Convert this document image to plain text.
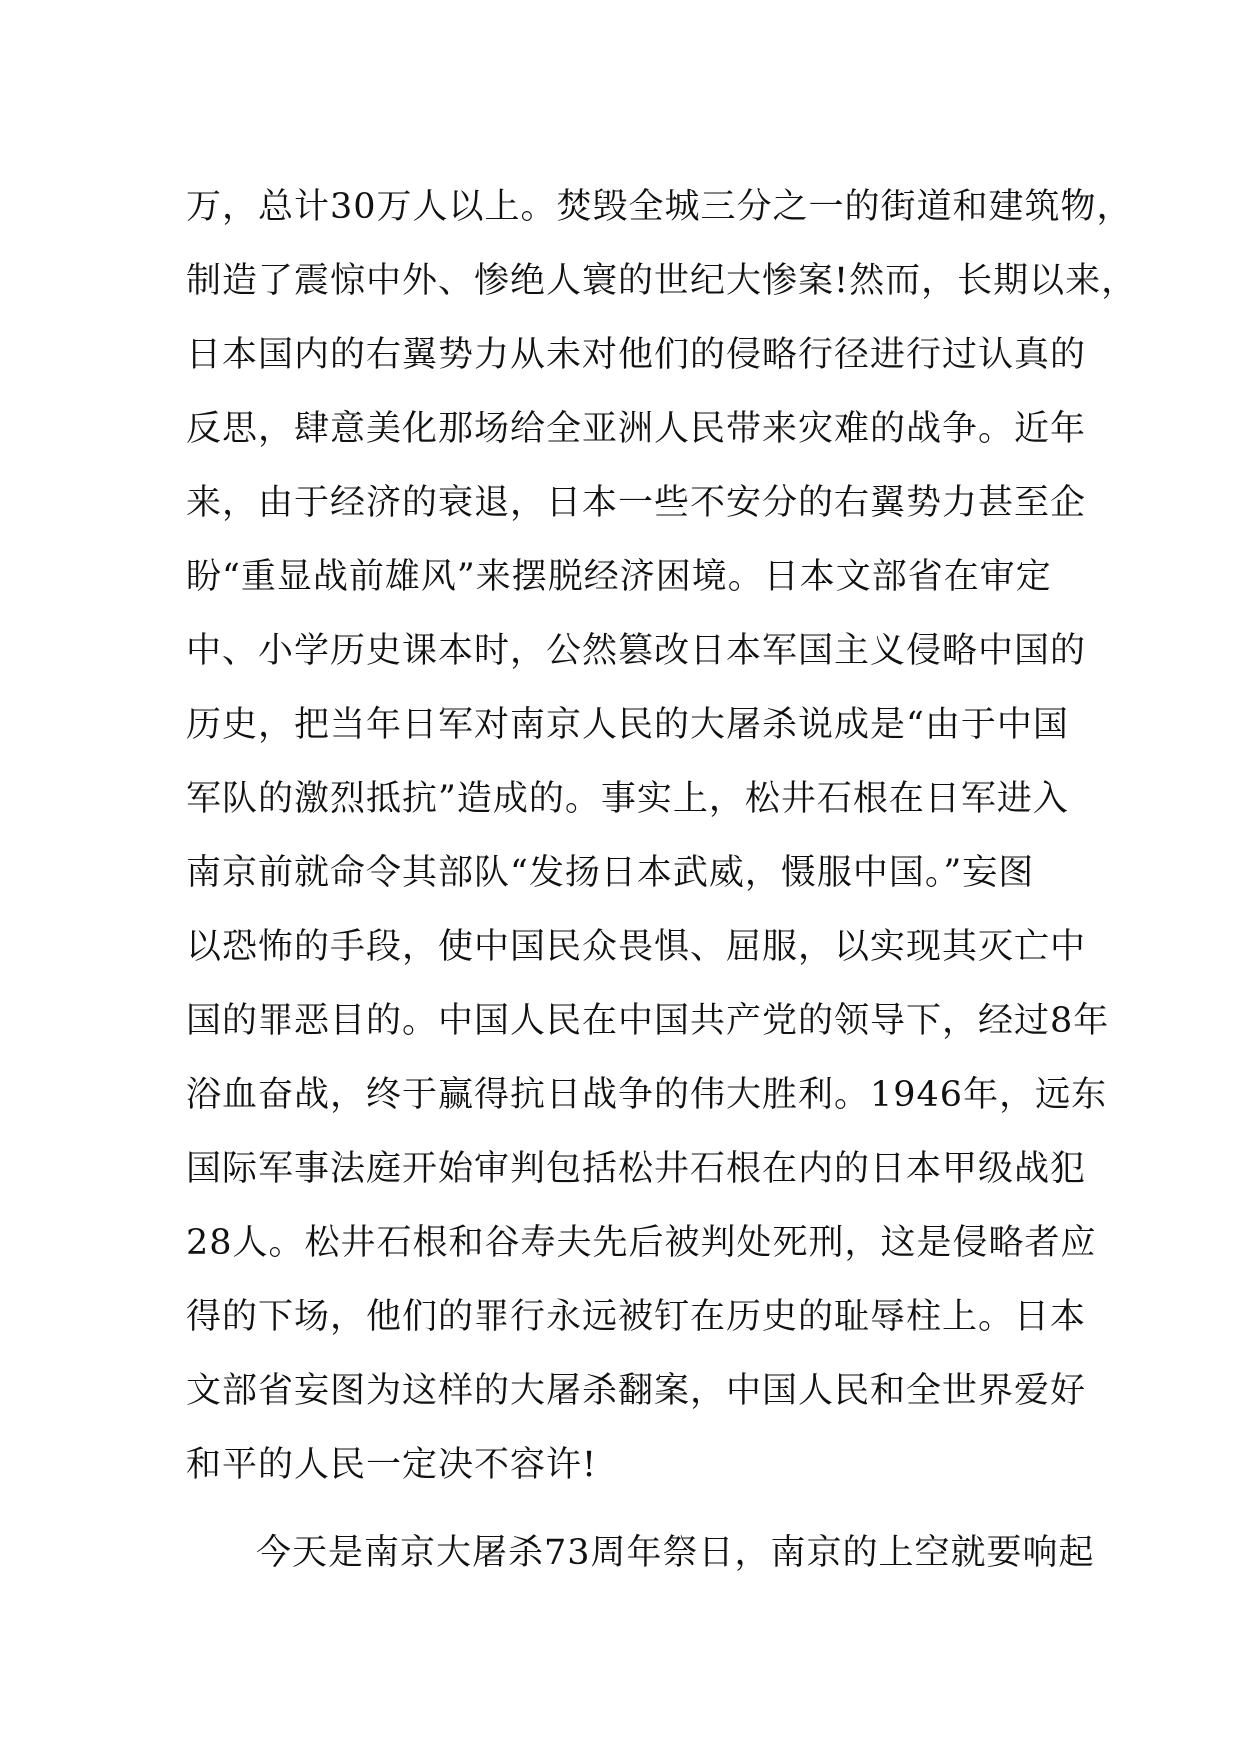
万，总计30万人以上。焚毁全城三分之一的街道和建筑物，
制造了震惊中外、惨绝人寰的世纪大惨案!然而，长期以来，
日本国内的右翼势力从未对他们的侵略行径进行过认真的
反思，肆意美化那场给全亚洲人民带来灾难的战争。近年
来，由于经济的衰退，日本一些不安分的右翼势力甚至企
盼“重显战前雄风”来摆脱经济困境。日本文部省在审定
中、小学历史课本时，公然篡改日本军国主义侵略中国的
历史，把当年日军对南京人民的大屠杀说成是“由于中国
军队的激烈抵抗”造成的。事实上，松井石根在日军进入
南京前就命令其部队“发扬日本武威，慑服中国。”妄图
以恐怖的手段，使中国民众畏惧、屈服，以实现其灭亡中
国的罪恶目的。中国人民在中国共产党的领导下，经过8年
浴血奋战，终于赢得抗日战争的伟大胜利。1946年，远东
国际军事法庭开始审判包括松井石根在内的日本甲级战犯
28人。松井石根和谷寿夫先后被判处死刑，这是侵略者应
得的下场，他们的罪行永远被钉在历史的耻辱柱上。日本
文部省妄图为这样的大屠杀翻案，中国人民和全世界爱好
和平的人民一定决不容许!
今天是南京大屠杀73周年祭日，南京的上空就要响起
